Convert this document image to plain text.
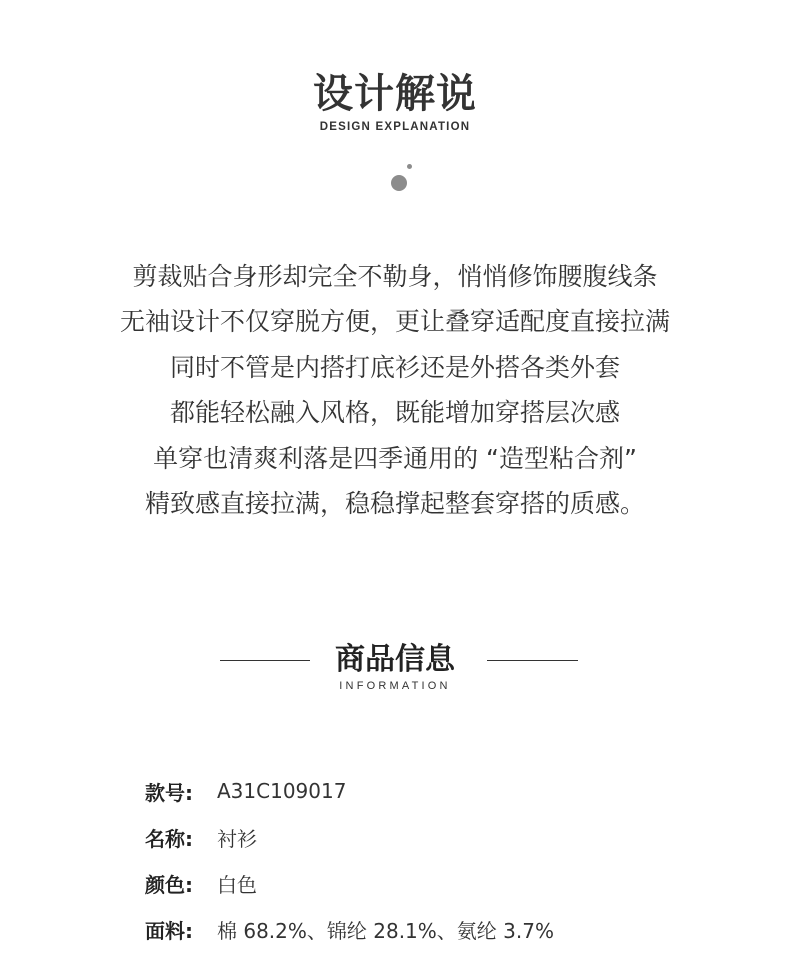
设计解说
DESIGN EXPLANATION
剪裁贴合身形却完全不勒身，悄悄修饰腰腹线条
无袖设计不仅穿脱方便，更让叠穿适配度直接拉满
同时不管是内搭打底衫还是外搭各类外套
都能轻松融入风格，既能增加穿搭层次感
单穿也清爽利落是四季通用的 “造型粘合剂”
精致感直接拉满，稳稳撑起整套穿搭的质感。
商品信息
INFORMATION
款号:	A31C109017
名称:	衬衫
颜色:	白色
面料:	棉 68.2%、锦纶 28.1%、氨纶 3.7%
